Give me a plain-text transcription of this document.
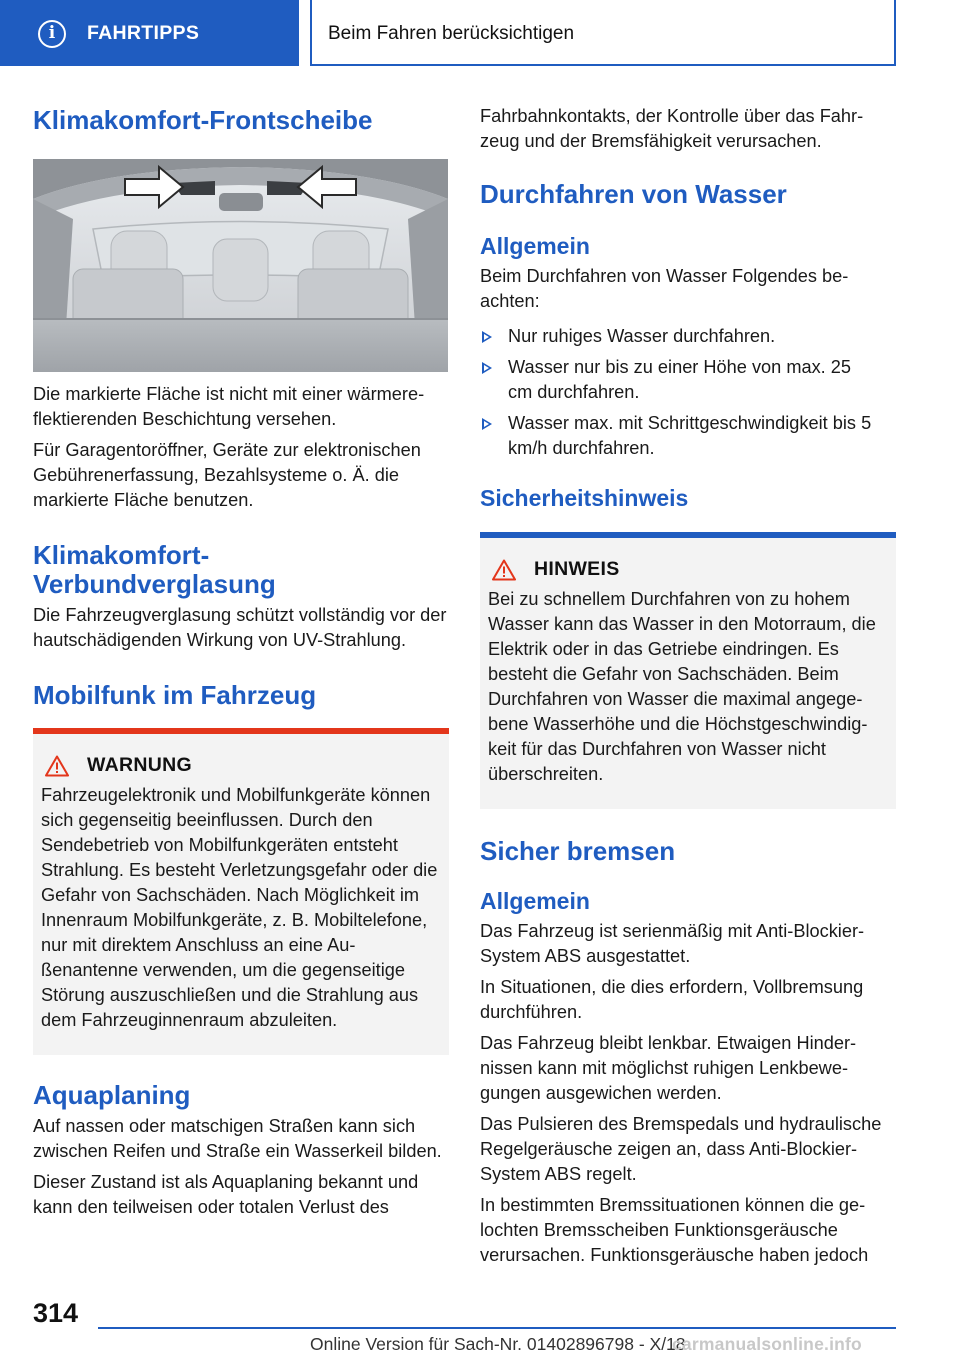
i	FAHRTIPPS	Beim Fahren berücksichtigen
Klimakomfort-Frontscheibe

Die markierte Fläche ist nicht mit einer wärmereflektierenden Beschichtung versehen.

Für Garagentoröffner, Geräte zur elektronischen Gebührenerfassung, Bezahlsysteme o. Ä. die markierte Fläche benutzen.

Klimakomfort-Verbundverglasung

Die Fahrzeugverglasung schützt vollständig vor der hautschädigenden Wirkung von UV-Strahlung.

Mobilfunk im Fahrzeug
WARNUNG

Fahrzeugelektronik und Mobilfunkgeräte können sich gegenseitig beeinflussen. Durch den Sendebetrieb von Mobilfunkgeräten entsteht Strahlung. Es besteht Verletzungsgefahr oder die Gefahr von Sachschäden. Nach Möglichkeit im Innenraum Mobilfunkgeräte, z. B. Mobiltelefone, nur mit direktem Anschluss an eine Außenantenne verwenden, um die gegenseitige Störung auszuschließen und die Strahlung aus dem Fahrzeuginnenraum abzuleiten.

Aquaplaning

Auf nassen oder matschigen Straßen kann sich zwischen Reifen und Straße ein Wasserkeil bilden.

Dieser Zustand ist als Aquaplaning bekannt und kann den teilweisen oder totalen Verlust des

Fahrbahnkontakts, der Kontrolle über das Fahrzeug und der Bremsfähigkeit verursachen.

Durchfahren von Wasser
Allgemein

Beim Durchfahren von Wasser Folgendes beachten:

Nur ruhiges Wasser durchfahren.
Wasser nur bis zu einer Höhe von max. 25 cm durchfahren.
Wasser max. mit Schrittgeschwindigkeit bis 5 km/h durchfahren.
Sicherheitshinweis
HINWEIS

Bei zu schnellem Durchfahren von zu hohem Wasser kann das Wasser in den Motorraum, die Elektrik oder in das Getriebe eindringen. Es besteht die Gefahr von Sachschäden. Beim Durchfahren von Wasser die maximal angegebene Wasserhöhe und die Höchstgeschwindigkeit für das Durchfahren von Wasser nicht überschreiten.

Sicher bremsen
Allgemein

Das Fahrzeug ist serienmäßig mit Anti-Blockier-System ABS ausgestattet.

In Situationen, die dies erfordern, Vollbremsung durchführen.

Das Fahrzeug bleibt lenkbar. Etwaigen Hindernissen kann mit möglichst ruhigen Lenkbewegungen ausgewichen werden.

Das Pulsieren des Bremspedals und hydraulische Regelgeräusche zeigen an, dass Anti-Blockier-System ABS regelt.

In bestimmten Bremssituationen können die gelochten Bremsscheiben Funktionsgeräusche verursachen. Funktionsgeräusche haben jedoch

314
Online Version für Sach-Nr. 01402896798 - X/18
carmanualsonline.info
